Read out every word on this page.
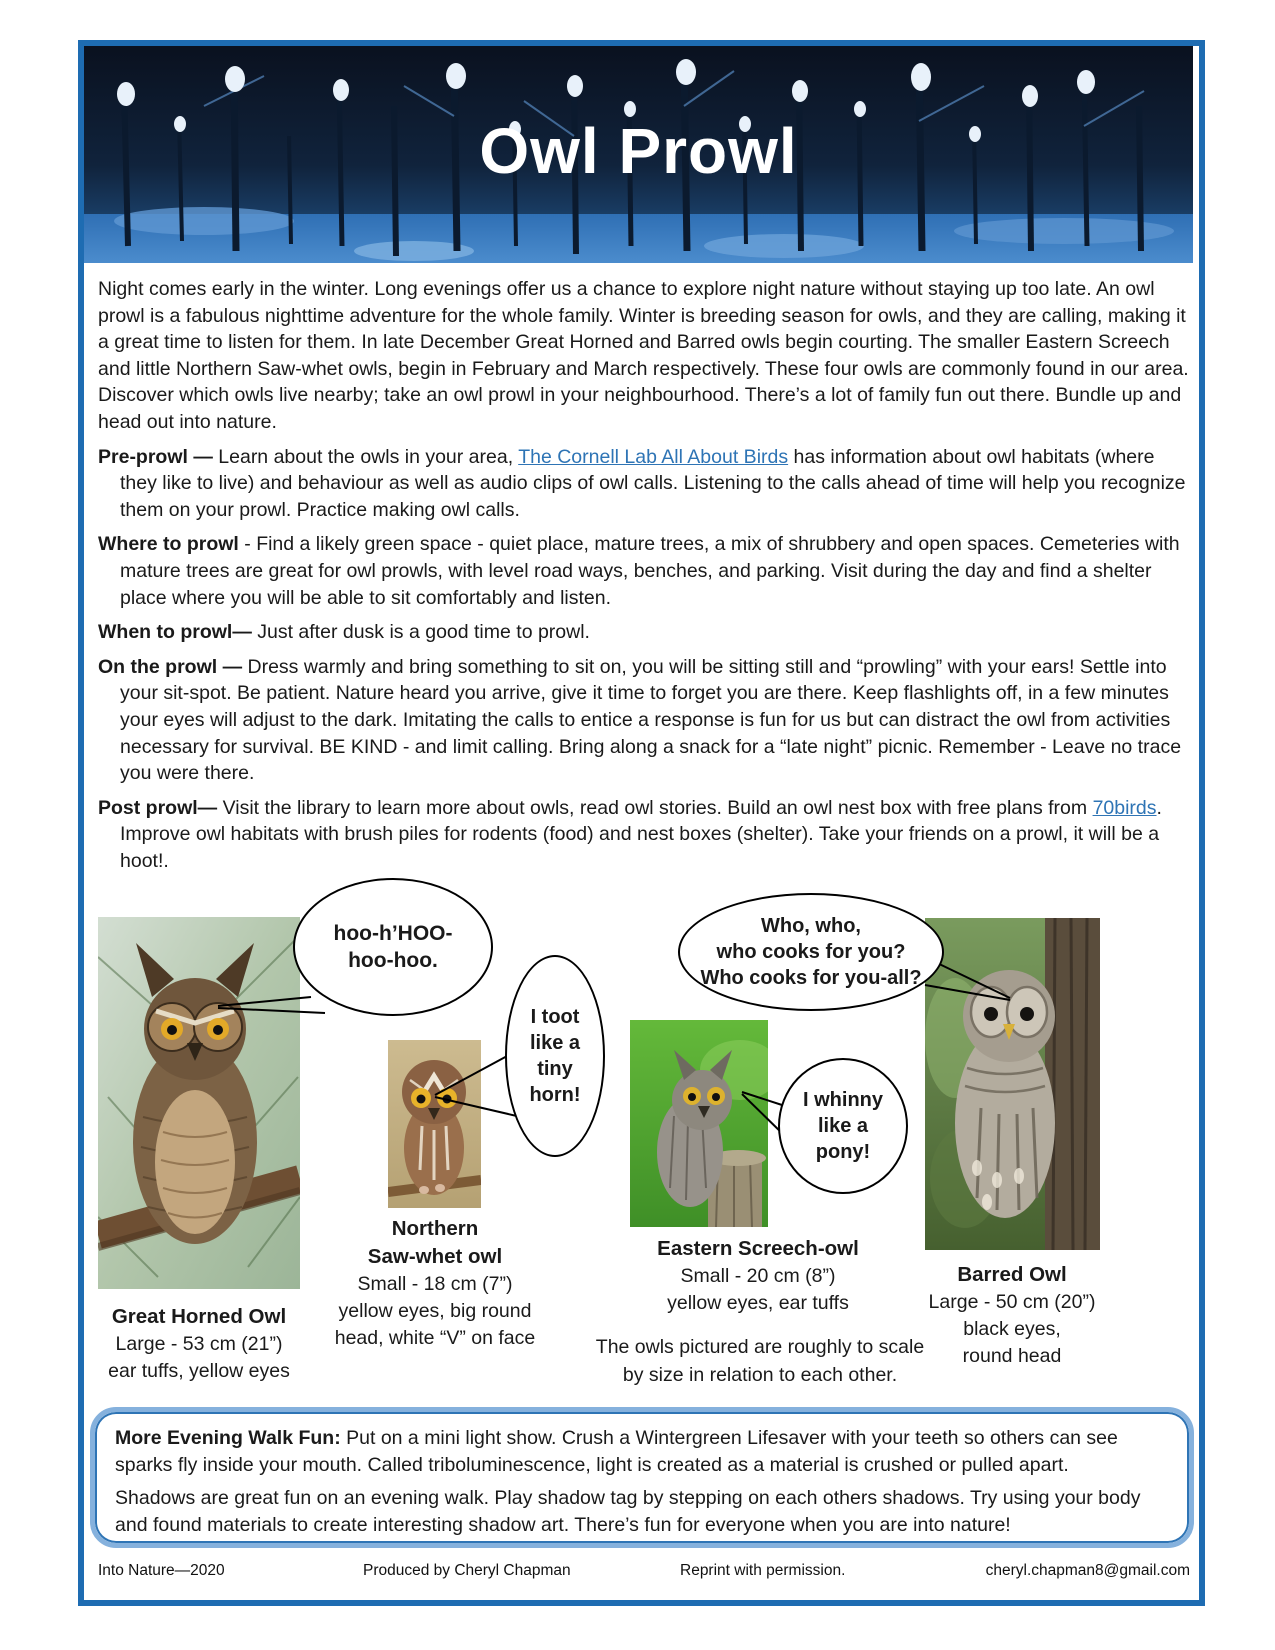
Owl Prowl

Night comes early in the winter. Long evenings offer us a chance to explore night nature without staying up too late. An owl prowl is a fabulous nighttime adventure for the whole family. Winter is breeding season for owls, and they are calling, making it a great time to listen for them. In late December Great Horned and Barred owls begin courting. The smaller Eastern Screech and little Northern Saw-whet owls, begin in February and March respectively. These four owls are commonly found in our area. Discover which owls live nearby; take an owl prowl in your neighbourhood. There’s a lot of family fun out there. Bundle up and head out into nature.

Pre-prowl — Learn about the owls in your area, The Cornell Lab All About Birds has information about owl habitats (where they like to live) and behaviour as well as audio clips of owl calls. Listening to the calls ahead of time will help you recognize them on your prowl. Practice making owl calls.

Where to prowl - Find a likely green space - quiet place, mature trees, a mix of shrubbery and open spaces. Cemeteries with mature trees are great for owl prowls, with level road ways, benches, and parking. Visit during the day and find a shelter place where you will be able to sit comfortably and listen.

When to prowl— Just after dusk is a good time to prowl.

On the prowl — Dress warmly and bring something to sit on, you will be sitting still and “prowling” with your ears! Settle into your sit-spot. Be patient. Nature heard you arrive, give it time to forget you are there. Keep flashlights off, in a few minutes your eyes will adjust to the dark. Imitating the calls to entice a response is fun for us but can distract the owl from activities necessary for survival. BE KIND - and limit calling. Bring along a snack for a “late night” picnic. Remember - Leave no trace you were there.

Post prowl— Visit the library to learn more about owls, read owl stories. Build an owl nest box with free plans from 70birds. Improve owl habitats with brush piles for rodents (food) and nest boxes (shelter). Take your friends on a prowl, it will be a hoot!.

Great Horned Owl
Large - 53 cm (21”)
ear tuffs, yellow eyes
hoo-h’HOO-
hoo-hoo.
Northern
Saw-whet owl
Small - 18 cm (7”)
yellow eyes, big round
head, white “V” on face
I toot
like a
tiny
horn!
Eastern Screech-owl
Small - 20 cm (8”)
yellow eyes, ear tuffs
Who, who,
who cooks for you?
Who cooks for you-all?
I whinny
like a
pony!
Barred Owl
Large - 50 cm (20”)
black eyes,
round head
The owls pictured are roughly to scale
by size in relation to each other.

More Evening Walk Fun: Put on a mini light show. Crush a Wintergreen Lifesaver with your teeth so others can see sparks fly inside your mouth. Called triboluminescence, light is created as a material is crushed or pulled apart.

Shadows are great fun on an evening walk. Play shadow tag by stepping on each others shadows. Try using your body and found materials to create interesting shadow art. There’s fun for everyone when you are into nature!

Into Nature—2020	Produced by Cheryl Chapman	Reprint with permission.	cheryl.chapman8@gmail.com
